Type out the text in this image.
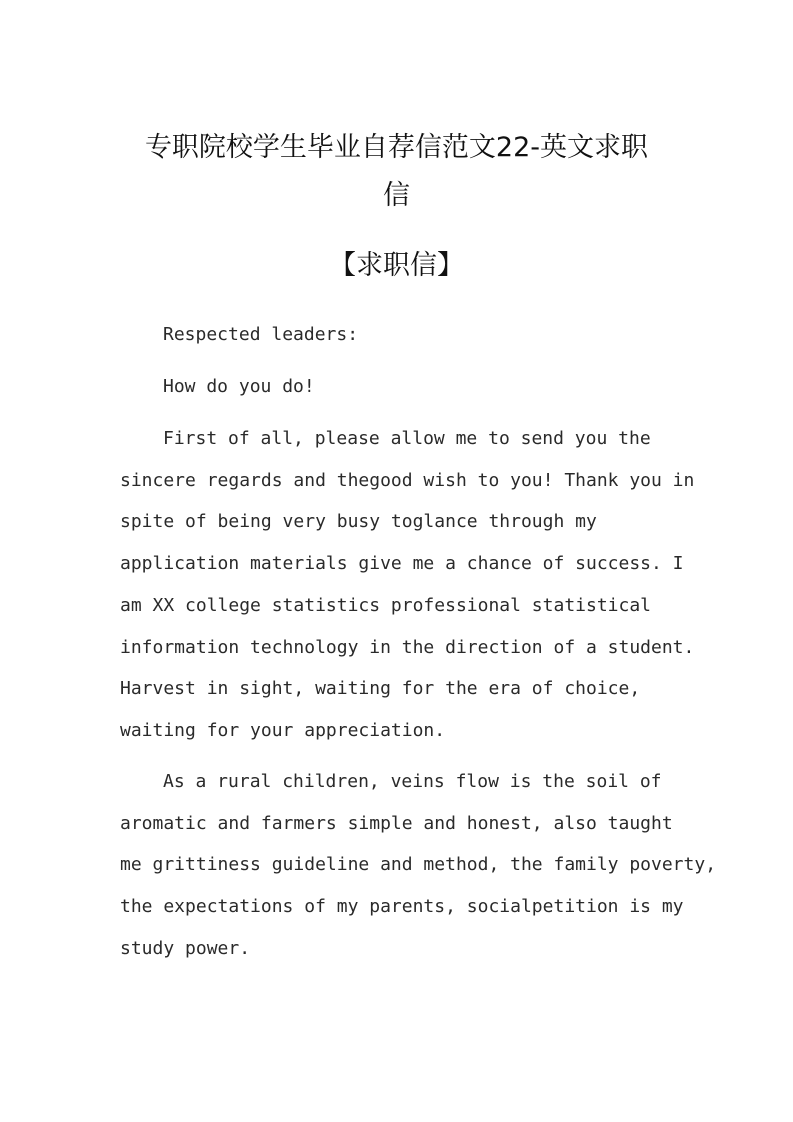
专职院校学生毕业自荐信范文22-英文求职
信
【求职信】

Respected leaders:

How do you do!

First of all, please allow me to send you the
sincere regards and thegood wish to you! Thank you in
spite of being very busy toglance through my
application materials give me a chance of success. I
am XX college statistics professional statistical
information technology in the direction of a student.
Harvest in sight, waiting for the era of choice,
waiting for your appreciation.

As a rural children, veins flow is the soil of
aromatic and farmers simple and honest, also taught
me grittiness guideline and method, the family poverty,
the expectations of my parents, socialpetition is my
study power.
